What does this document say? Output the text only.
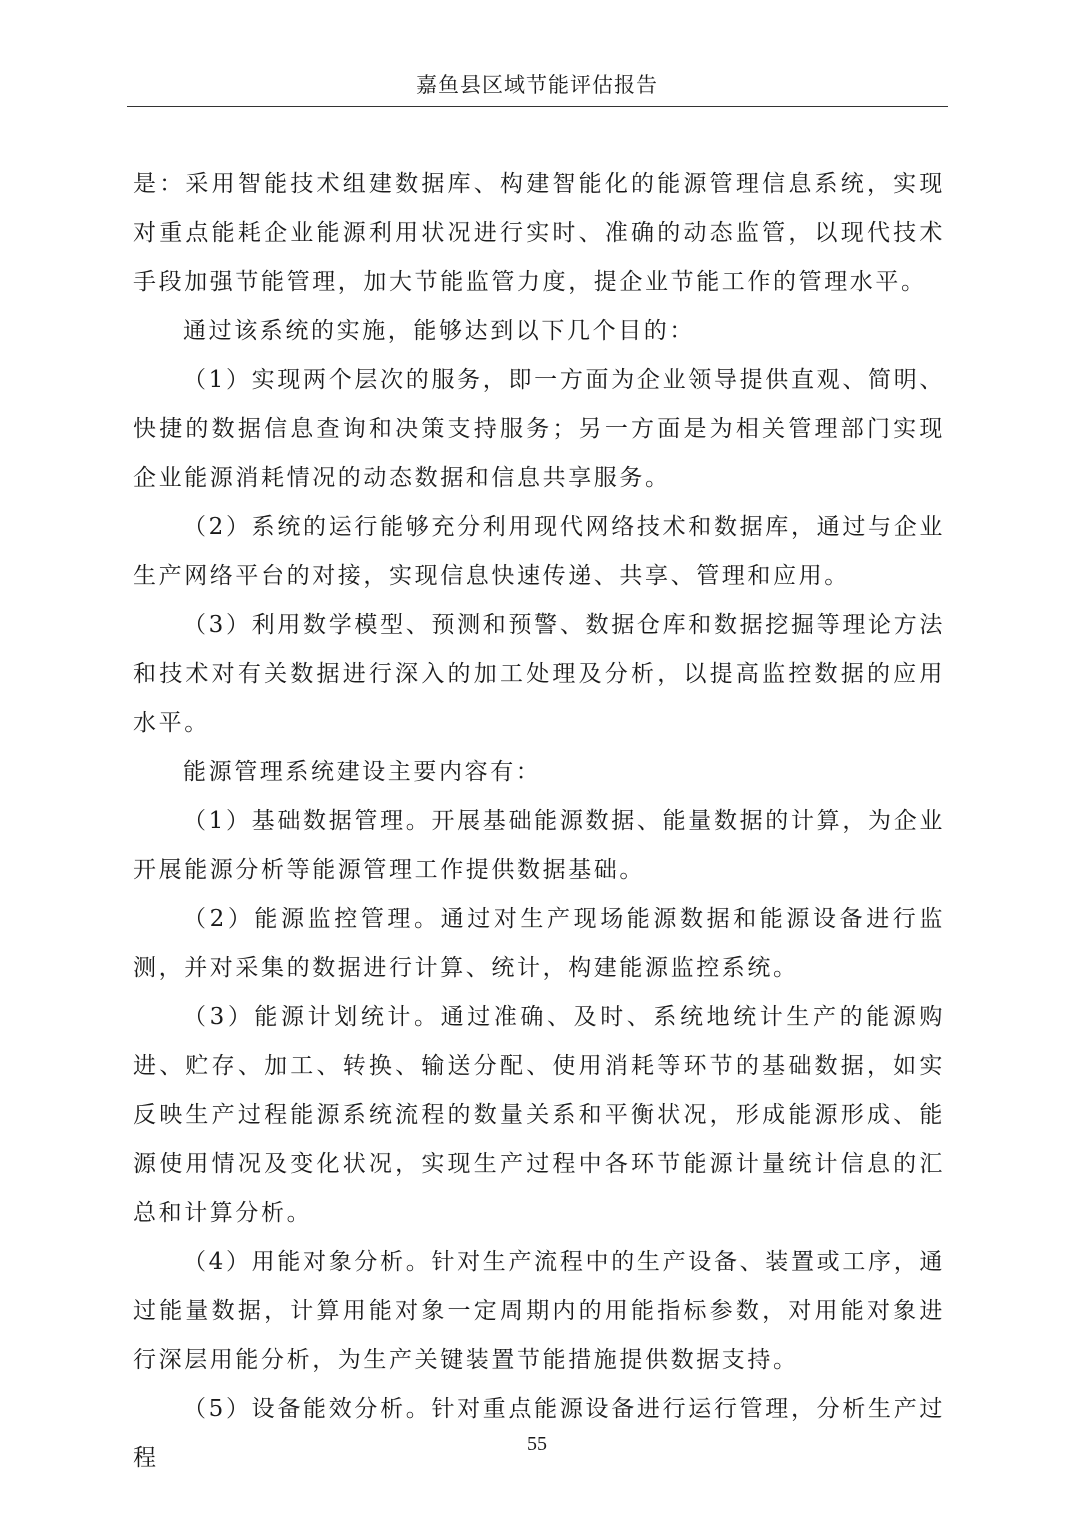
嘉鱼县区域节能评估报告

是：采用智能技术组建数据库、构建智能化的能源管理信息系统，实现对重点能耗企业能源利用状况进行实时、准确的动态监管，以现代技术手段加强节能管理，加大节能监管力度，提企业节能工作的管理水平。

通过该系统的实施，能够达到以下几个目的：

（1）实现两个层次的服务，即一方面为企业领导提供直观、简明、快捷的数据信息查询和决策支持服务；另一方面是为相关管理部门实现企业能源消耗情况的动态数据和信息共享服务。

（2）系统的运行能够充分利用现代网络技术和数据库，通过与企业生产网络平台的对接，实现信息快速传递、共享、管理和应用。

（3）利用数学模型、预测和预警、数据仓库和数据挖掘等理论方法和技术对有关数据进行深入的加工处理及分析，以提高监控数据的应用水平。

能源管理系统建设主要内容有：

（1）基础数据管理。开展基础能源数据、能量数据的计算，为企业开展能源分析等能源管理工作提供数据基础。

（2）能源监控管理。通过对生产现场能源数据和能源设备进行监测，并对采集的数据进行计算、统计，构建能源监控系统。

（3）能源计划统计。通过准确、及时、系统地统计生产的能源购进、贮存、加工、转换、输送分配、使用消耗等环节的基础数据，如实反映生产过程能源系统流程的数量关系和平衡状况，形成能源形成、能源使用情况及变化状况，实现生产过程中各环节能源计量统计信息的汇总和计算分析。

（4）用能对象分析。针对生产流程中的生产设备、装置或工序，通过能量数据，计算用能对象一定周期内的用能指标参数，对用能对象进行深层用能分析，为生产关键装置节能措施提供数据支持。

（5）设备能效分析。针对重点能源设备进行运行管理，分析生产过程

55
